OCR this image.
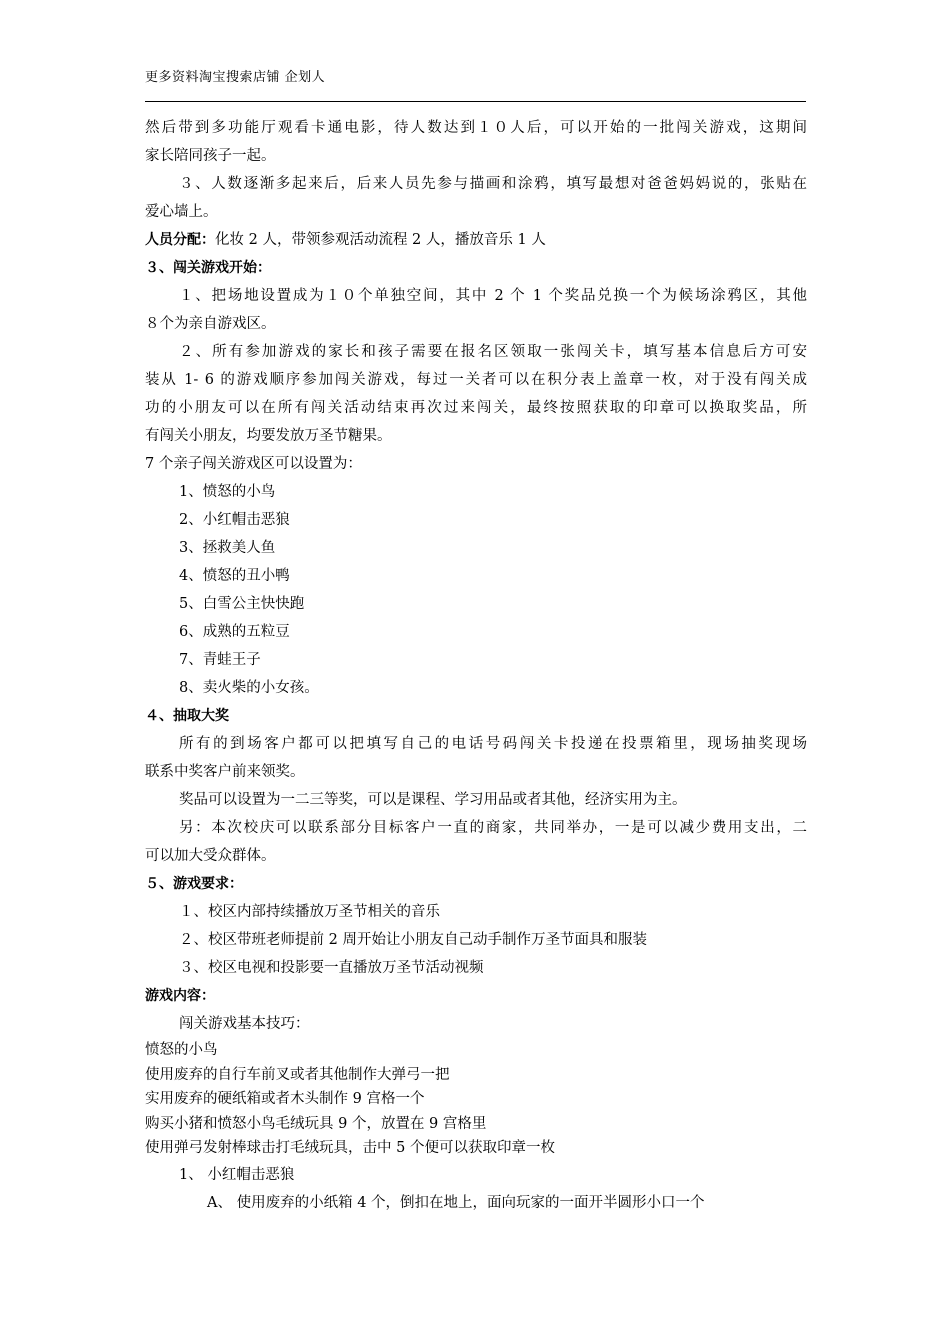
更多资料淘宝搜索店铺 企划人
然后带到多功能厅观看卡通电影，待人数达到１０人后，可以开始的一批闯关游戏，这期间
家长陪同孩子一起。
３、人数逐渐多起来后，后来人员先参与描画和涂鸦，填写最想对爸爸妈妈说的，张贴在
爱心墙上。
人员分配：化妆 2 人，带领参观活动流程 2 人，播放音乐 1 人
３、闯关游戏开始：
１、把场地设置成为１０个单独空间，其中 2 个 1 个奖品兑换一个为候场涂鸦区，其他
８个为亲自游戏区。
２、所有参加游戏的家长和孩子需要在报名区领取一张闯关卡，填写基本信息后方可安
装从 1- 6 的游戏顺序参加闯关游戏，每过一关者可以在积分表上盖章一枚，对于没有闯关成
功的小朋友可以在所有闯关活动结束再次过来闯关，最终按照获取的印章可以换取奖品，所
有闯关小朋友，均要发放万圣节糖果。
7 个亲子闯关游戏区可以设置为：
1、愤怒的小鸟
2、小红帽击恶狼
3、拯救美人鱼
4、愤怒的丑小鸭
5、白雪公主快快跑
6、成熟的五粒豆
7、青蛙王子
8、卖火柴的小女孩。
４、抽取大奖
所有的到场客户都可以把填写自己的电话号码闯关卡投递在投票箱里，现场抽奖现场
联系中奖客户前来领奖。
奖品可以设置为一二三等奖，可以是课程、学习用品或者其他，经济实用为主。
另：本次校庆可以联系部分目标客户一直的商家，共同举办，一是可以减少费用支出，二
可以加大受众群体。
５、游戏要求：
１、校区内部持续播放万圣节相关的音乐
２、校区带班老师提前 2 周开始让小朋友自己动手制作万圣节面具和服装
３、校区电视和投影要一直播放万圣节活动视频
游戏内容：
闯关游戏基本技巧：
愤怒的小鸟
使用废弃的自行车前叉或者其他制作大弹弓一把
实用废弃的硬纸箱或者木头制作 9 宫格一个
购买小猪和愤怒小鸟毛绒玩具 9 个，放置在 9 宫格里
使用弹弓发射棒球击打毛绒玩具，击中 5 个便可以获取印章一枚
1、 小红帽击恶狼
A、 使用废弃的小纸箱 4 个，倒扣在地上，面向玩家的一面开半圆形小口一个
